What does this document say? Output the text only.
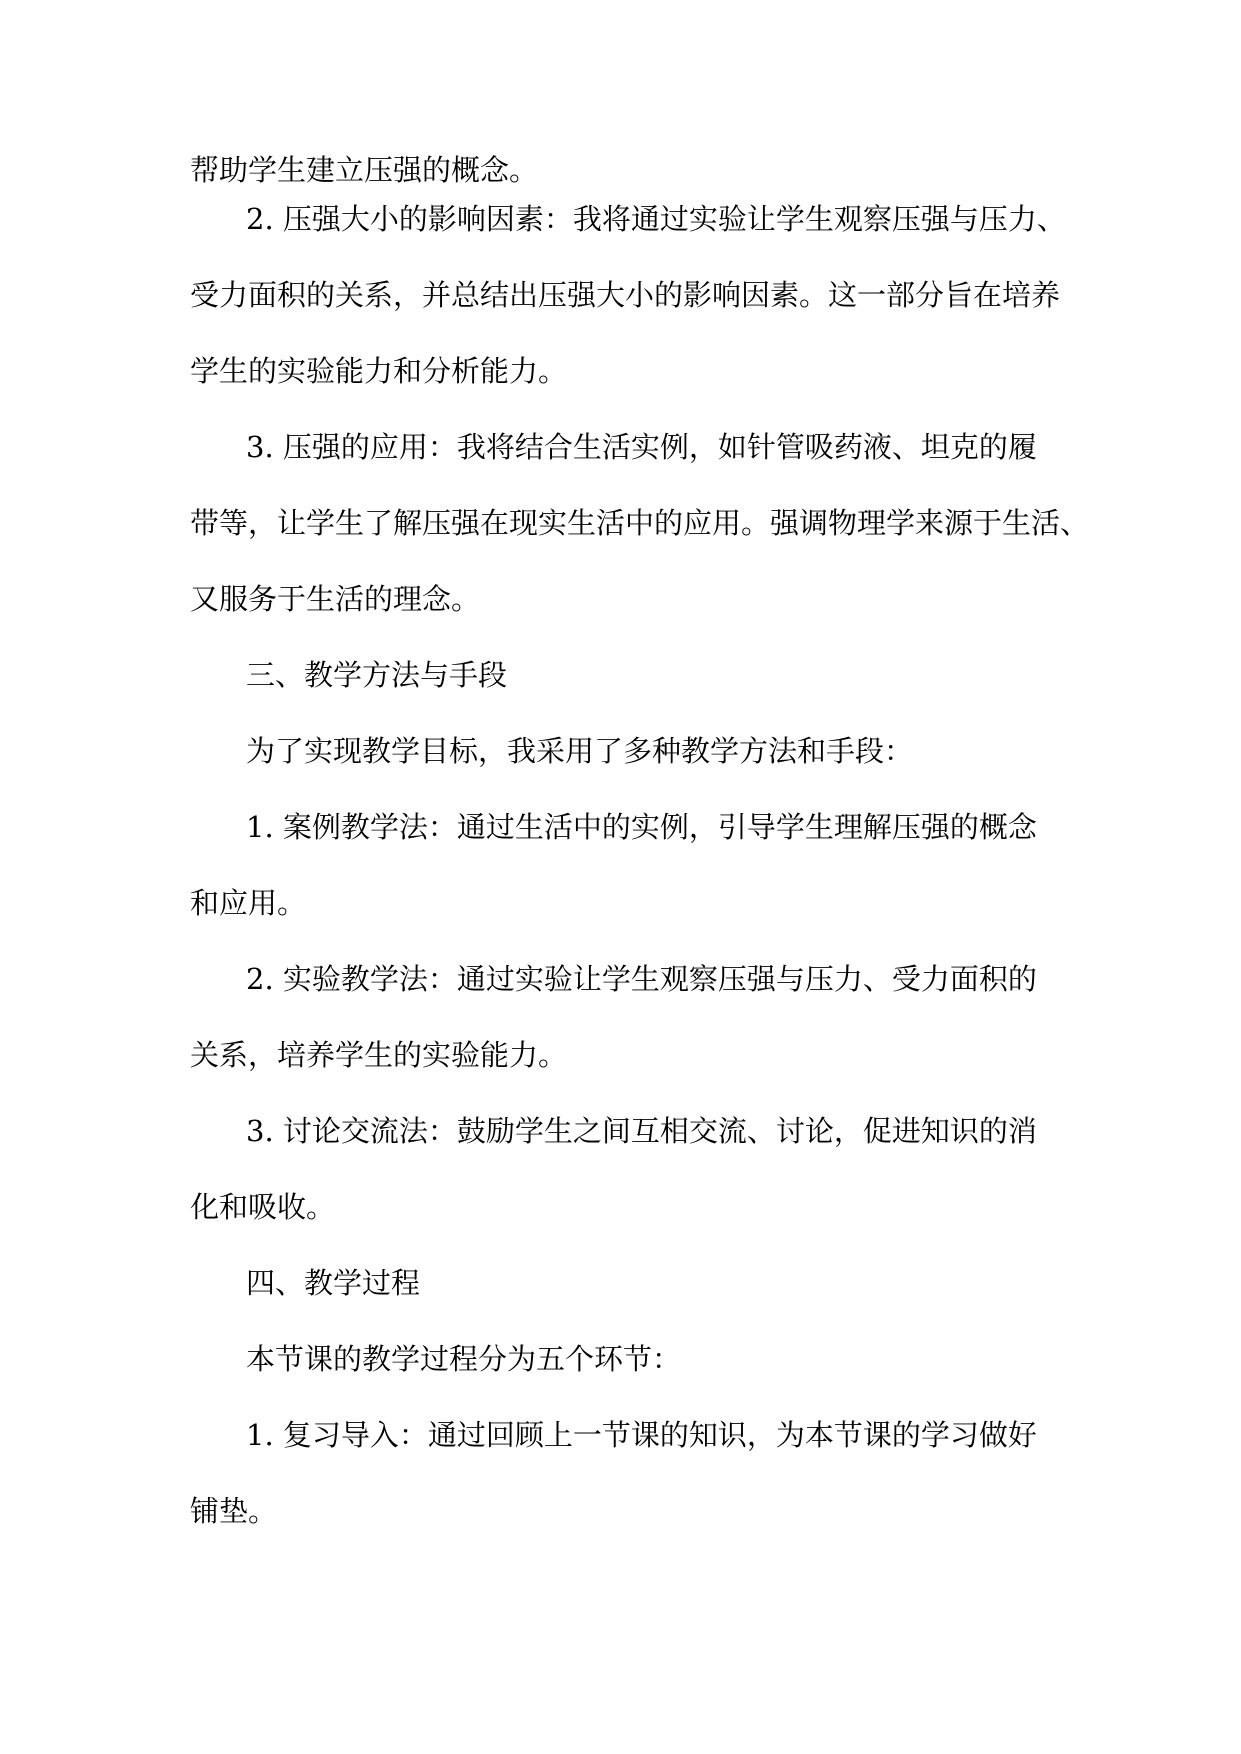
帮助学生建立压强的概念。
2. 压强大小的影响因素：我将通过实验让学生观察压强与压力、
受力面积的关系，并总结出压强大小的影响因素。这一部分旨在培养
学生的实验能力和分析能力。
3. 压强的应用：我将结合生活实例，如针管吸药液、坦克的履
带等，让学生了解压强在现实生活中的应用。强调物理学来源于生活、
又服务于生活的理念。
三、教学方法与手段
为了实现教学目标，我采用了多种教学方法和手段：
1. 案例教学法：通过生活中的实例，引导学生理解压强的概念
和应用。
2. 实验教学法：通过实验让学生观察压强与压力、受力面积的
关系，培养学生的实验能力。
3. 讨论交流法：鼓励学生之间互相交流、讨论，促进知识的消
化和吸收。
四、教学过程
本节课的教学过程分为五个环节：
1. 复习导入：通过回顾上一节课的知识，为本节课的学习做好
铺垫。
